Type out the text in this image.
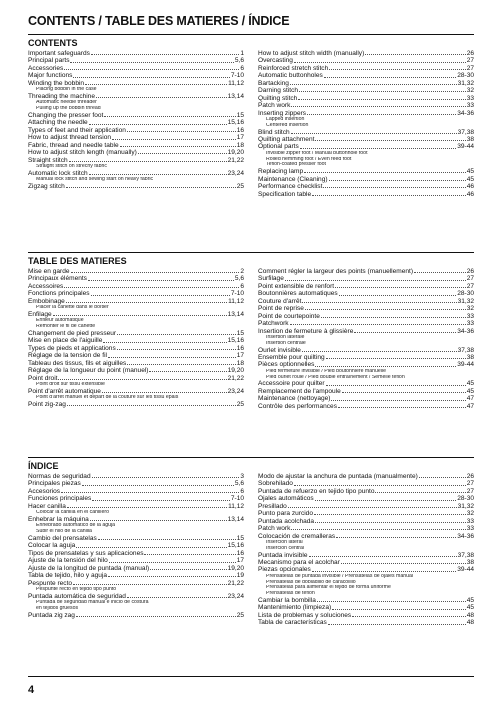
CONTENTS / TABLE DES MATIERES / ÍNDICE
CONTENTS
Important safeguards	1
Principal parts	5,6
Accessories	6
Major functions	7-10
Winding the bobbin	11,12
Placing bobbin in the case
Threading the machine	13,14
Automatic needle threader
Pulling up the bobbin thread
Changing the presser foot	15
Attaching the needle	15,16
Types of feet and their application	16
How to adjust thread tension	17
Fabric, thread and needle table	18
How to adjust stitch length (manually)	19,20
Straight stitch	21,22
Straight stitch on strechy fabric
Automatic lock stitch	23,24
Manual lock stitch and sewing start on heavy fabric
Zigzag stitch	25
How to adjust stitch width (manually)	26
Overcasting	27
Reinforced stretch stitch	27
Automatic buttonholes	28-30
Bartacking	31,32
Darning stitch	32
Quilting stitch	33
Patch work	33
Inserting zippers	34-36
Lapped insertion
Centered insertion
Blind stitch	37,38
Quilting attachment	38
Optional parts	39-44
Invisible zipper foot / Manual buttonhole foot
Rolled hemming foot / Even feed foot
Teflon-coated presser foot
Replacing lamp	45
Maintenance (Cleaning)	45
Performance checklist	46
Specification table	46
TABLE DES MATIERES
Mise en garde	2
Principaux éléments	5,6
Accessoires	6
Fonctions principales	7-10
Embobinage	11,12
Placer la canette dans le boîtier
Enfilage	13,14
Enfileur automatique
Remonter le fil de canette
Changement de pied presseur	15
Mise en place de l'aiguille	15,16
Types de pieds et applications	16
Réglage de la tension de fil	17
Tableau des tissus, fils et aiguilles	18
Réglage de la longueur du point (manuel)	19,20
Point droit	21,22
Point droit sur tissu extensible
Point d'arrêt automatique	23,24
Point d'arrêt manuel et départ de la couture sur les tissu épais
Point zig-zag	25
Comment régler la largeur des points (manuellement)	26
Surfilage	27
Point extensible de renfort	27
Boutonnières automatiques	28-30
Couture d'arrêt	31,32
Point de reprise	32
Point de courtepointe	33
Patchwork	33
Insertion de fermeture à glissière	34-36
Insertion latérale
Insertion centrale
Ourlet invisible	37,38
Ensemble pour quilting	38
Pièces optionnelles	39-44
Pied fermeture invisible / Pied boutonnière manuelle
Pied ourlet roulé / Pied double entraînement / Semelle téflon
Accessoire pour quilter	45
Remplacement de l'ampoule	45
Maintenance (nettoyage)	47
Contrôle des performances	47
ÍNDICE
Normas de seguridad	3
Principales piezas	5,6
Accesorios	6
Funciones principales	7-10
Hacer canilla	11,12
Colocar la canilla en el canillero
Enhebrar la máquina	13,14
Enhebrado automático de la aguja
Subir el hilo de la canilla
Cambio del prensatelas	15
Colocar la aguja	15,16
Tipos de prensatelas y sus aplicaciones	16
Ajuste de la tensión del hilo	17
Ajuste de la longitud de puntada (manual)	19,20
Tabla de tejido, hilo y aguja	19
Pespunte recto	21,22
Pespunte recto en tejido tipo punto
Puntada automática de seguridad	23,24
Puntada de seguridad manual e inicio de costura
en tejidos gruesos
Puntada zig zag	25
Modo de ajustar la anchura de puntada (manualmente)	26
Sobrehilado	27
Puntada de refuerzo en tejido tipo punto	27
Ojales automáticos	28-30
Presillado	31,32
Punto para zurcido	32
Puntada acolchada	33
Patch work	33
Colocación de cremalleras	34-36
Inserción lateral
Inserción central
Puntada invisible	37,38
Mecanismo para el acolchar	38
Piezas opcionales	39-44
Prensatelas de puntada invisible / Prensatelas de ojales manual
Prensatelas de dobladillo de caracolillo
Prensatelas para alimentar el tejido de forma uniforme
Prensatelas de teflón
Cambiar la bombilla	45
Mantenimiento (limpieza)	45
Lista de problemas y soluciones	48
Tabla de características	48
4
